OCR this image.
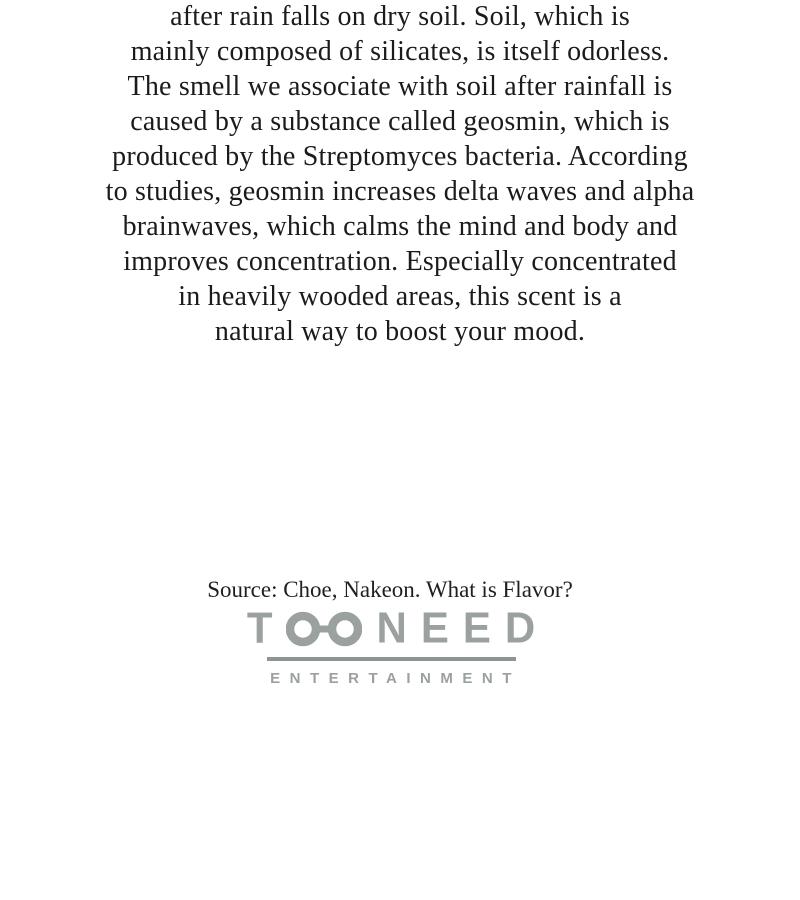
after rain falls on dry soil. Soil, which is
mainly composed of silicates, is itself odorless.
The smell we associate with soil after rainfall is
caused by a substance called geosmin, which is
produced by the Streptomyces bacteria. According
to studies, geosmin increases delta waves and alpha
brainwaves, which calms the mind and body and
improves concentration. Especially concentrated
in heavily wooded areas, this scent is a
natural way to boost your mood.
Source: Choe, Nakeon. What is Flavor?
T N E E D
ENTERTAINMENT
